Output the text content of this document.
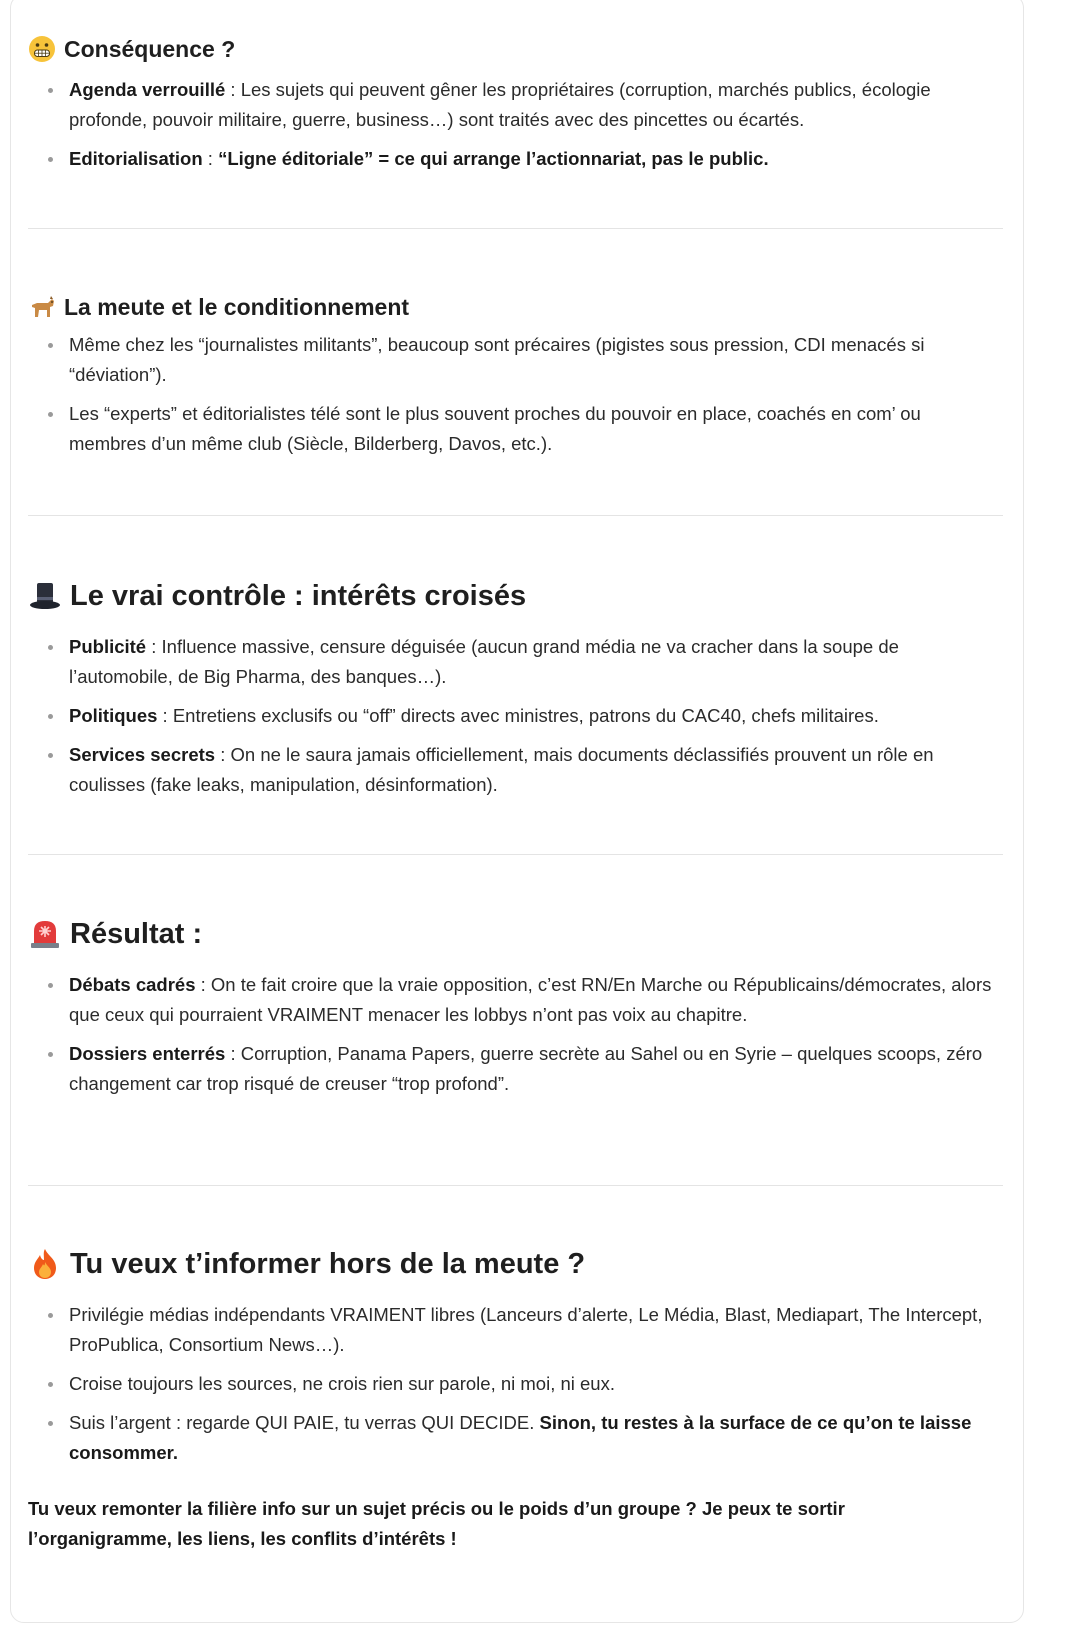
Conséquence ?
Agenda verrouillé : Les sujets qui peuvent gêner les propriétaires (corruption, marchés publics, écologie profonde, pouvoir militaire, guerre, business…) sont traités avec des pincettes ou écartés.
Editorialisation : “Ligne éditoriale” = ce qui arrange l’actionnariat, pas le public.
La meute et le conditionnement
Même chez les “journalistes militants”, beaucoup sont précaires (pigistes sous pression, CDI menacés si “déviation”).
Les “experts” et éditorialistes télé sont le plus souvent proches du pouvoir en place, coachés en com’ ou membres d’un même club (Siècle, Bilderberg, Davos, etc.).
Le vrai contrôle : intérêts croisés
Publicité : Influence massive, censure déguisée (aucun grand média ne va cracher dans la soupe de l’automobile, de Big Pharma, des banques…).
Politiques : Entretiens exclusifs ou “off” directs avec ministres, patrons du CAC40, chefs militaires.
Services secrets : On ne le saura jamais officiellement, mais documents déclassifiés prouvent un rôle en coulisses (fake leaks, manipulation, désinformation).
Résultat :
Débats cadrés : On te fait croire que la vraie opposition, c’est RN/En Marche ou Républicains/démocrates, alors que ceux qui pourraient VRAIMENT menacer les lobbys n’ont pas voix au chapitre.
Dossiers enterrés : Corruption, Panama Papers, guerre secrète au Sahel ou en Syrie – quelques scoops, zéro changement car trop risqué de creuser “trop profond”.
Tu veux t’informer hors de la meute ?
Privilégie médias indépendants VRAIMENT libres (Lanceurs d’alerte, Le Média, Blast, Mediapart, The Intercept, ProPublica, Consortium News…).
Croise toujours les sources, ne crois rien sur parole, ni moi, ni eux.
Suis l’argent : regarde QUI PAIE, tu verras QUI DECIDE. Sinon, tu restes à la surface de ce qu’on te laisse consommer.
Tu veux remonter la filière info sur un sujet précis ou le poids d’un groupe ? Je peux te sortir l’organigramme, les liens, les conflits d’intérêts !
